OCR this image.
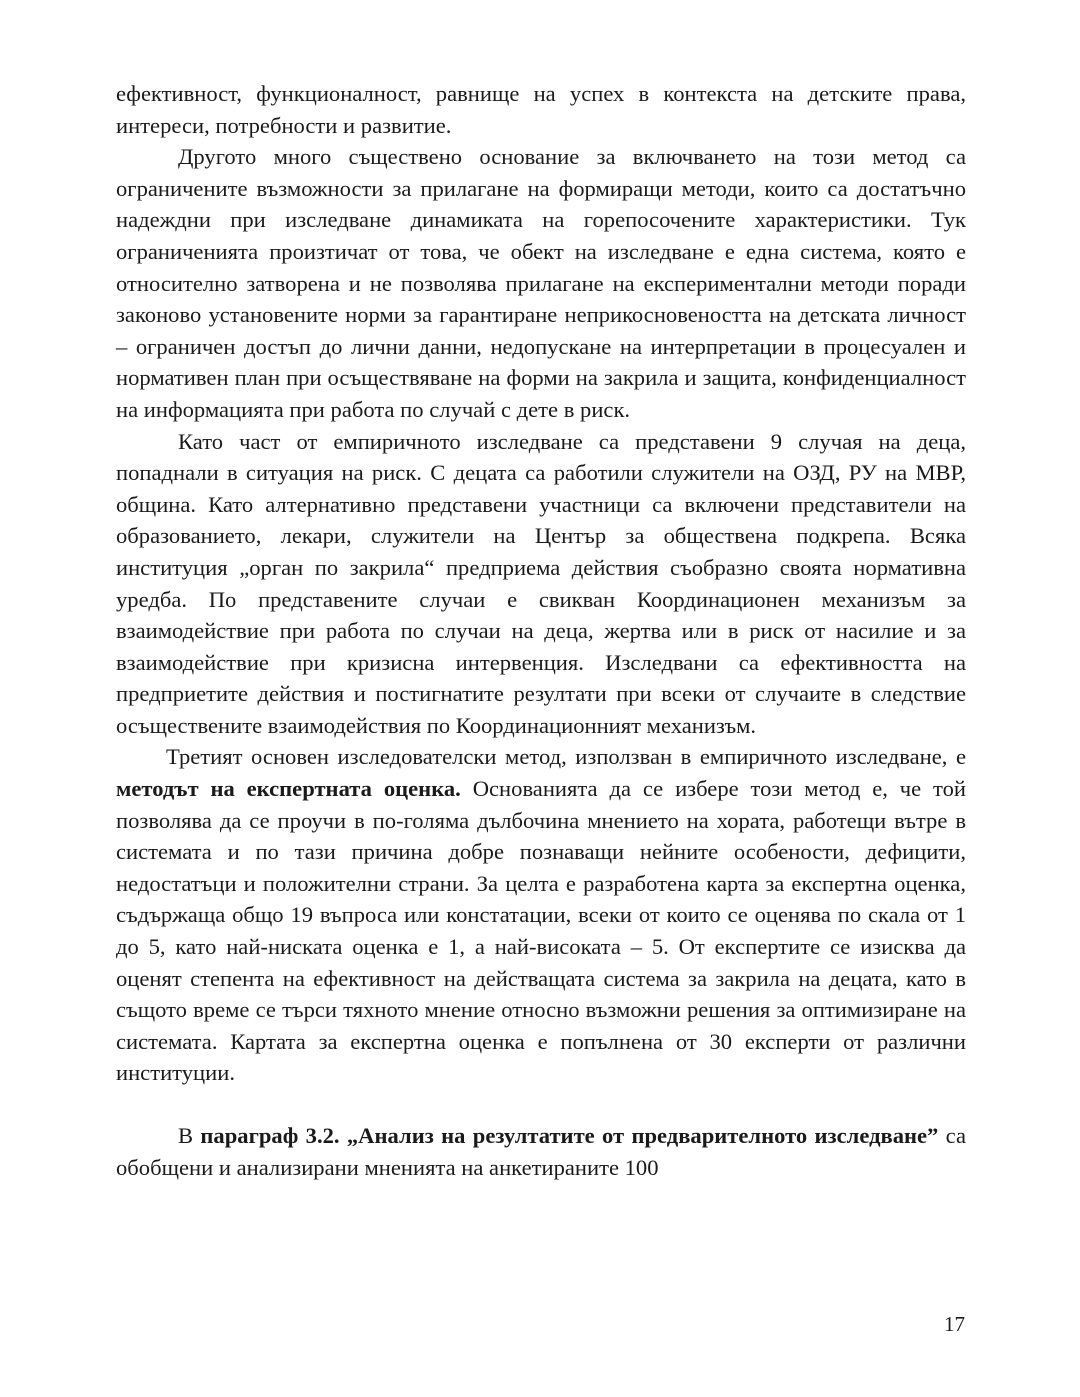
ефективност, функционалност, равнище на успех в контекста на детските права, интереси, потребности и развитие.

Другото много съществено основание за включването на този метод са ограничените възможности за прилагане на формиращи методи, които са достатъчно надеждни при изследване динамиката на горепосочените характеристики. Тук ограниченията произтичат от това, че обект на изследване е една система, която е относително затворена и не позволява прилагане на експериментални методи поради законово установените норми за гарантиране неприкосновеността на детската личност – ограничен достъп до лични данни, недопускане на интерпретации в процесуален и нормативен план при осъществяване на форми на закрила и защита, конфиденциалност на информацията при работа по случай с дете в риск.

Като част от емпиричното изследване са представени 9 случая на деца, попаднали в ситуация на риск. С децата са работили служители на ОЗД, РУ на МВР, община. Като алтернативно представени участници са включени представители на образованието, лекари, служители на Център за обществена подкрепа. Всяка институция „орган по закрила“ предприема действия съобразно своята нормативна уредба. По представените случаи е свикван Координационен механизъм за взаимодействие при работа по случаи на деца, жертва или в риск от насилие и за взаимодействие при кризисна интервенция. Изследвани са ефективността на предприетите действия и постигнатите резултати при всеки от случаите в следствие осъществените взаимодействия по Координационният механизъм.

Третият основен изследователски метод, използван в емпиричното изследване, е методът на експертната оценка. Основанията да се избере този метод е, че той позволява да се проучи в по-голяма дълбочина мнението на хората, работещи вътре в системата и по тази причина добре познаващи нейните особености, дефицити, недостатъци и положителни страни. За целта е разработена карта за експертна оценка, съдържаща общо 19 въпроса или констатации, всеки от които се оценява по скала от 1 до 5, като най-ниската оценка е 1, а най-високата – 5. От експертите се изисква да оценят степента на ефективност на действащата система за закрила на децата, като в същото време се търси тяхното мнение относно възможни решения за оптимизиране на системата. Картата за експертна оценка е попълнена от 30 експерти от различни институции.

В параграф 3.2. „Анализ на резултатите от предварителното изследване” са обобщени и анализирани мненията на анкетираните 100

17
